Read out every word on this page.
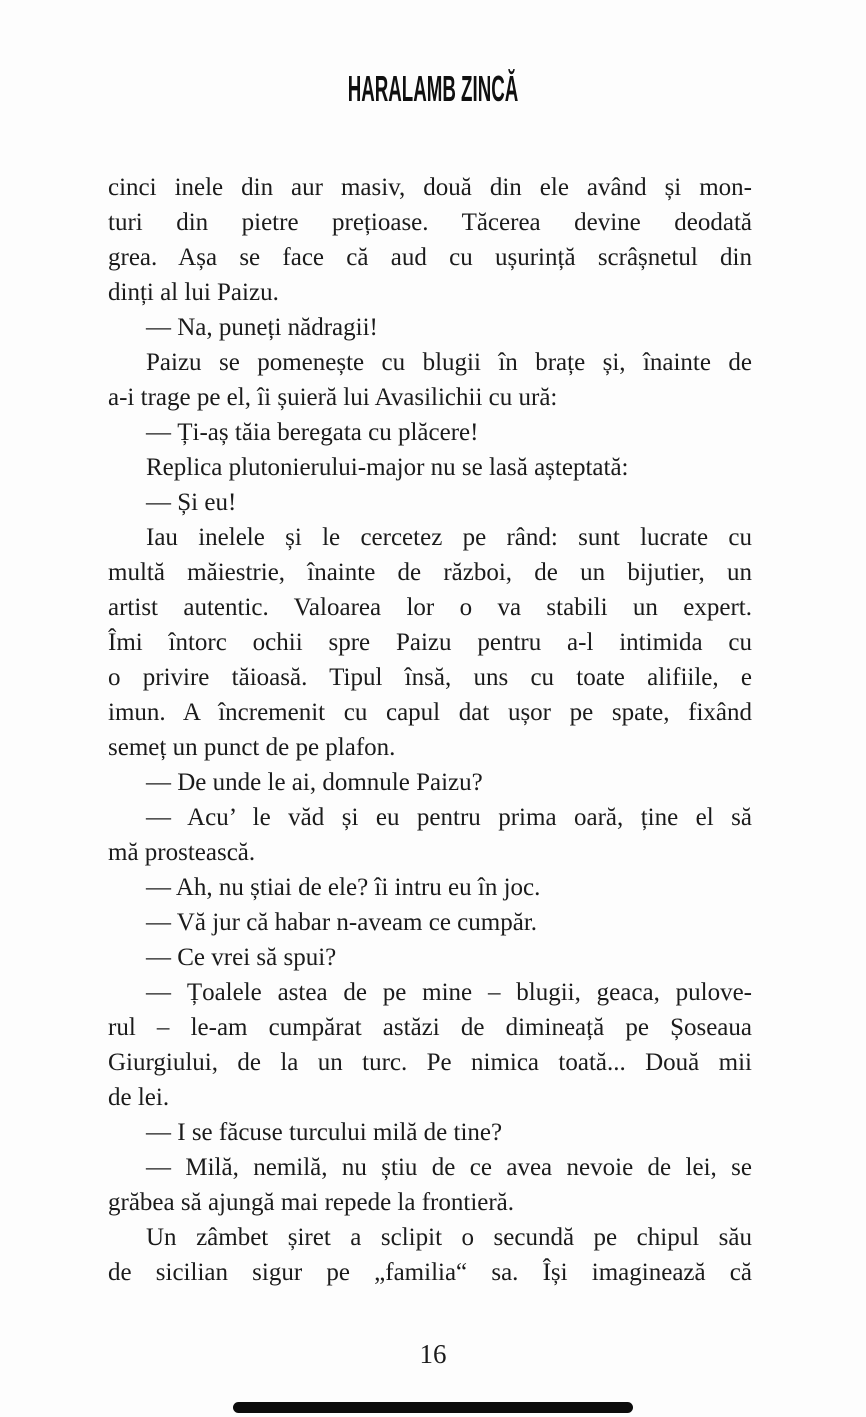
HARALAMB ZINCĂ
cinci inele din aur masiv, două din ele având și mon-
turi din pietre prețioase. Tăcerea devine deodată
grea. Așa se face că aud cu ușurință scrâșnetul din
dinți al lui Paizu.
— Na, puneți nădragii!
Paizu se pomenește cu blugii în brațe și, înainte de
a-i trage pe el, îi șuieră lui Avasilichii cu ură:
— Ți-aș tăia beregata cu plăcere!
Replica plutonierului-major nu se lasă așteptată:
— Și eu!
Iau inelele și le cercetez pe rând: sunt lucrate cu
multă măiestrie, înainte de război, de un bijutier, un
artist autentic. Valoarea lor o va stabili un expert.
Îmi întorc ochii spre Paizu pentru a-l intimida cu
o privire tăioasă. Tipul însă, uns cu toate alifiile, e
imun. A încremenit cu capul dat ușor pe spate, fixând
semeț un punct de pe plafon.
— De unde le ai, domnule Paizu?
— Acu’ le văd și eu pentru prima oară, ține el să
mă prostească.
— Ah, nu știai de ele? îi intru eu în joc.
— Vă jur că habar n-aveam ce cumpăr.
— Ce vrei să spui?
— Țoalele astea de pe mine – blugii, geaca, pulove-
rul – le-am cumpărat astăzi de dimineață pe Șoseaua
Giurgiului, de la un turc. Pe nimica toată... Două mii
de lei.
— I se făcuse turcului milă de tine?
— Milă, nemilă, nu știu de ce avea nevoie de lei, se
grăbea să ajungă mai repede la frontieră.
Un zâmbet șiret a sclipit o secundă pe chipul său
de sicilian sigur pe „familia“ sa. Își imaginează că
16
